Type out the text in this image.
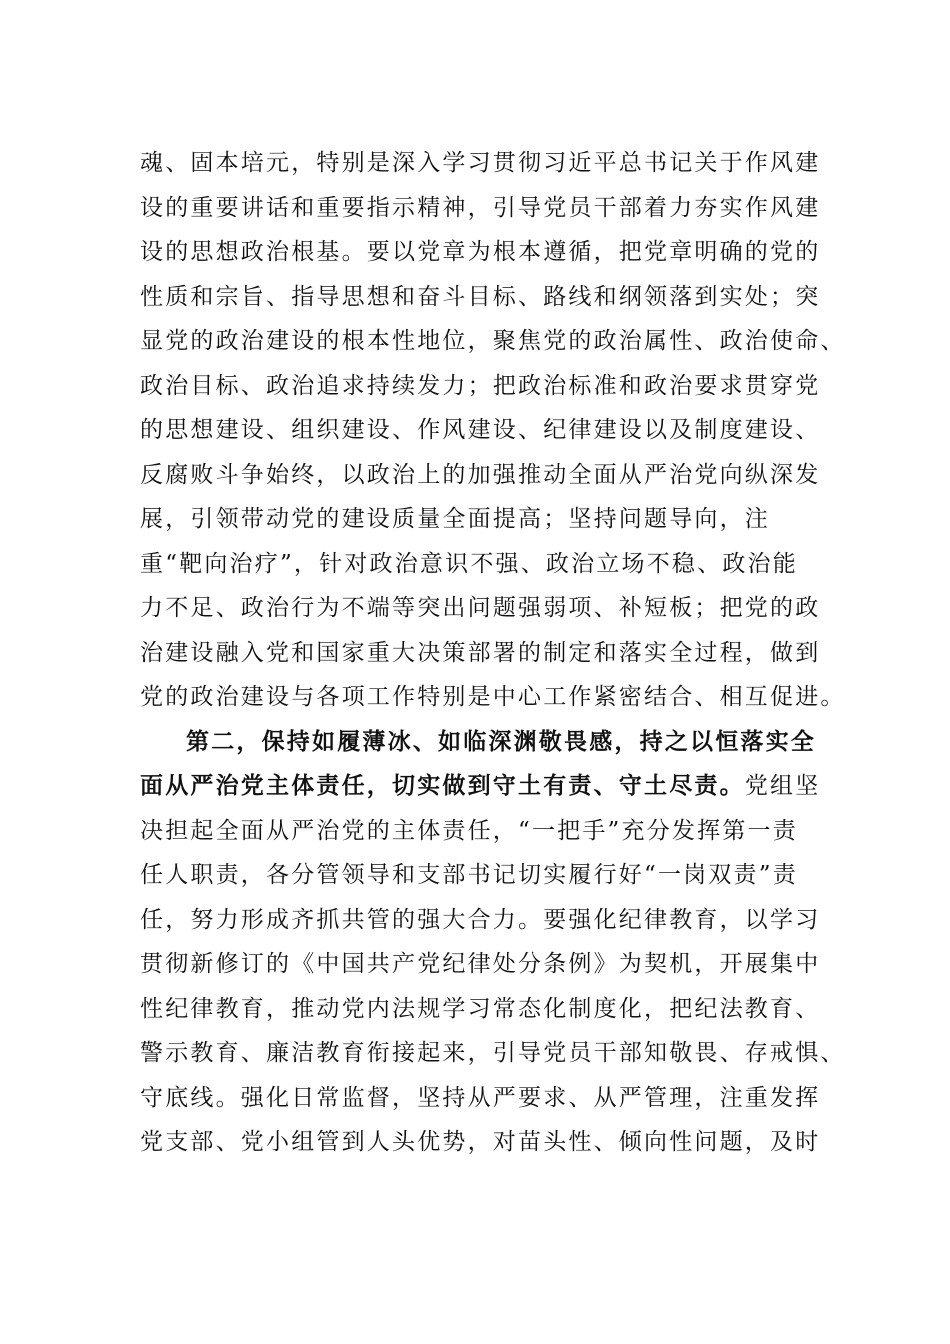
魂、固本培元，特别是深入学习贯彻习近平总书记关于作风建
设的重要讲话和重要指示精神，引导党员干部着力夯实作风建
设的思想政治根基。要以党章为根本遵循，把党章明确的党的
性质和宗旨、指导思想和奋斗目标、路线和纲领落到实处；突
显党的政治建设的根本性地位，聚焦党的政治属性、政治使命、
政治目标、政治追求持续发力；把政治标准和政治要求贯穿党
的思想建设、组织建设、作风建设、纪律建设以及制度建设、
反腐败斗争始终，以政治上的加强推动全面从严治党向纵深发
展，引领带动党的建设质量全面提高；坚持问题导向，注
重“靶向治疗”，针对政治意识不强、政治立场不稳、政治能
力不足、政治行为不端等突出问题强弱项、补短板；把党的政
治建设融入党和国家重大决策部署的制定和落实全过程，做到
党的政治建设与各项工作特别是中心工作紧密结合、相互促进。
第二，保持如履薄冰、如临深渊敬畏感，持之以恒落实全
面从严治党主体责任，切实做到守土有责、守土尽责。党组坚
决担起全面从严治党的主体责任，“一把手”充分发挥第一责
任人职责，各分管领导和支部书记切实履行好“一岗双责”责
任，努力形成齐抓共管的强大合力。要强化纪律教育，以学习
贯彻新修订的《中国共产党纪律处分条例》为契机，开展集中
性纪律教育，推动党内法规学习常态化制度化，把纪法教育、
警示教育、廉洁教育衔接起来，引导党员干部知敬畏、存戒惧、
守底线。强化日常监督，坚持从严要求、从严管理，注重发挥
党支部、党小组管到人头优势，对苗头性、倾向性问题，及时
